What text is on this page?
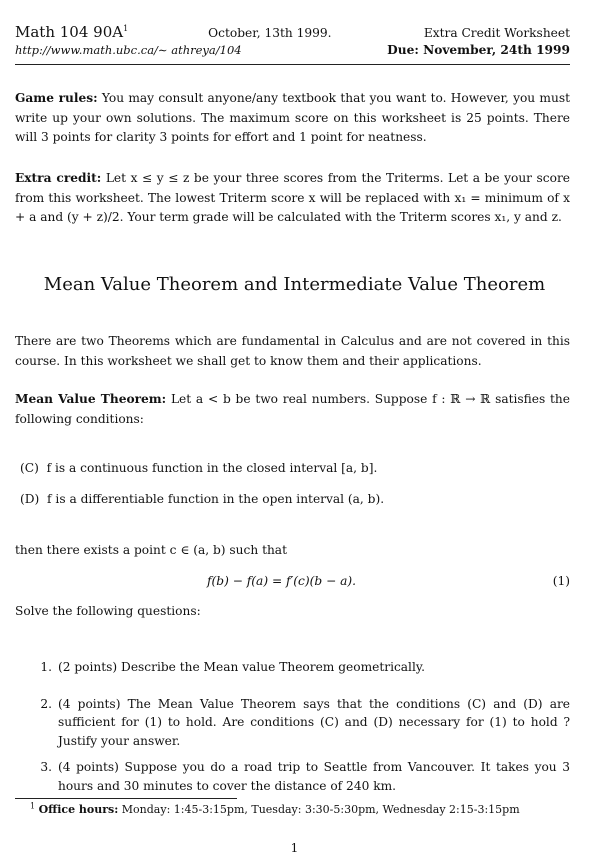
Math 104 $90A^1$	October, 13th 1999.	Extra Credit Worksheet
http://www.math.ubc.ca/∼ athreya/104	Due: November, 24th 1999

Game rules: You may consult anyone/any textbook that you want to. However, you must write up your own solutions. The maximum score on this worksheet is 25 points. There will 3 points for clarity 3 points for effort and 1 point for neatness.

Extra credit: Let x ≤ y ≤ z be your three scores from the Triterms. Let a be your score from this worksheet. The lowest Triterm score x will be replaced with x₁ = minimum of x + a and (y + z)/2. Your term grade will be calculated with the Triterm scores x₁, y and z.

Mean Value Theorem and Intermediate Value Theorem

There are two Theorems which are fundamental in Calculus and are not covered in this course. In this worksheet we shall get to know them and their applications.

Mean Value Theorem: Let a < b be two real numbers. Suppose f : ℝ → ℝ satisfies the following conditions:

(C) f is a continuous function in the closed interval [a, b].
(D) f is a differentiable function in the open interval (a, b).
then there exists a point c ∈ (a, b) such that
f(b) − f(a) = f′(c)(b − a).	(1)
Solve the following questions:
1. (2 points) Describe the Mean value Theorem geometrically.
2. (4 points) The Mean Value Theorem says that the conditions (C) and (D) are sufficient for (1) to hold. Are conditions (C) and (D) necessary for (1) to hold ? Justify your answer.
3. (4 points) Suppose you do a road trip to Seattle from Vancouver. It takes you 3 hours and 30 minutes to cover the distance of 240 km.
$^1$ Office hours: Monday: 1:45-3:15pm, Tuesday: 3:30-5:30pm, Wednesday 2:15-3:15pm
1
